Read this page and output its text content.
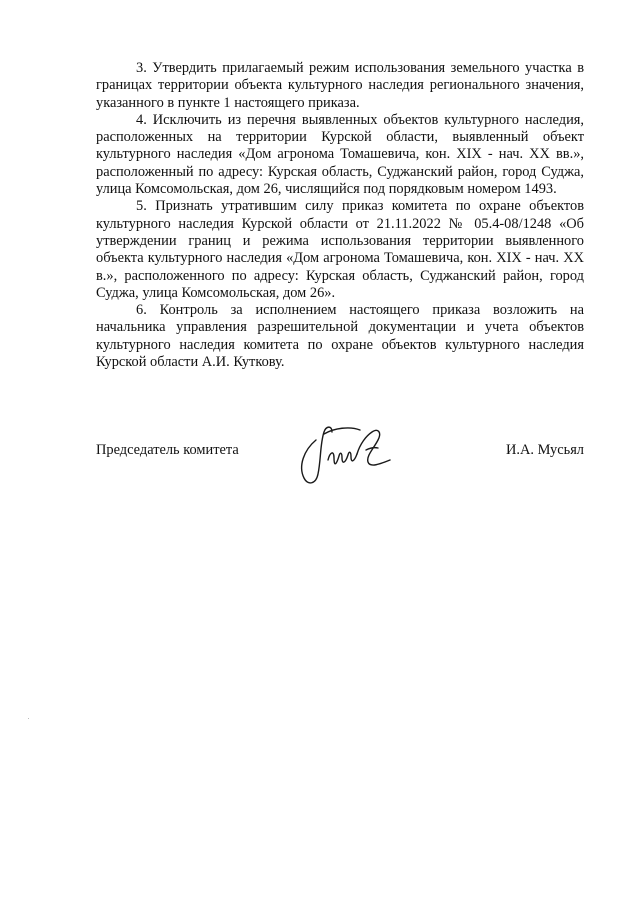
3. Утвердить прилагаемый режим использования земельного участка в границах территории объекта культурного наследия регионального значения, указанного в пункте 1 настоящего приказа.

4. Исключить из перечня выявленных объектов культурного наследия, расположенных на территории Курской области, выявленный объект культурного наследия «Дом агронома Томашевича, кон. XIX - нач. XX вв.», расположенный по адресу: Курская область, Суджанский район, город Суджа, улица Комсомольская, дом 26, числящийся под порядковым номером 1493.

5. Признать утратившим силу приказ комитета по охране объектов культурного наследия Курской области от 21.11.2022 № 05.4-08/1248 «Об утверждении границ и режима использования территории выявленного объекта культурного наследия «Дом агронома Томашевича, кон. XIX - нач. XX в.», расположенного по адресу: Курская область, Суджанский район, город Суджа, улица Комсомольская, дом 26».

6. Контроль за исполнением настоящего приказа возложить на начальника управления разрешительной документации и учета объектов культурного наследия комитета по охране объектов культурного наследия Курской области А.И. Куткову.

Председатель комитета	И.А. Мусьял
